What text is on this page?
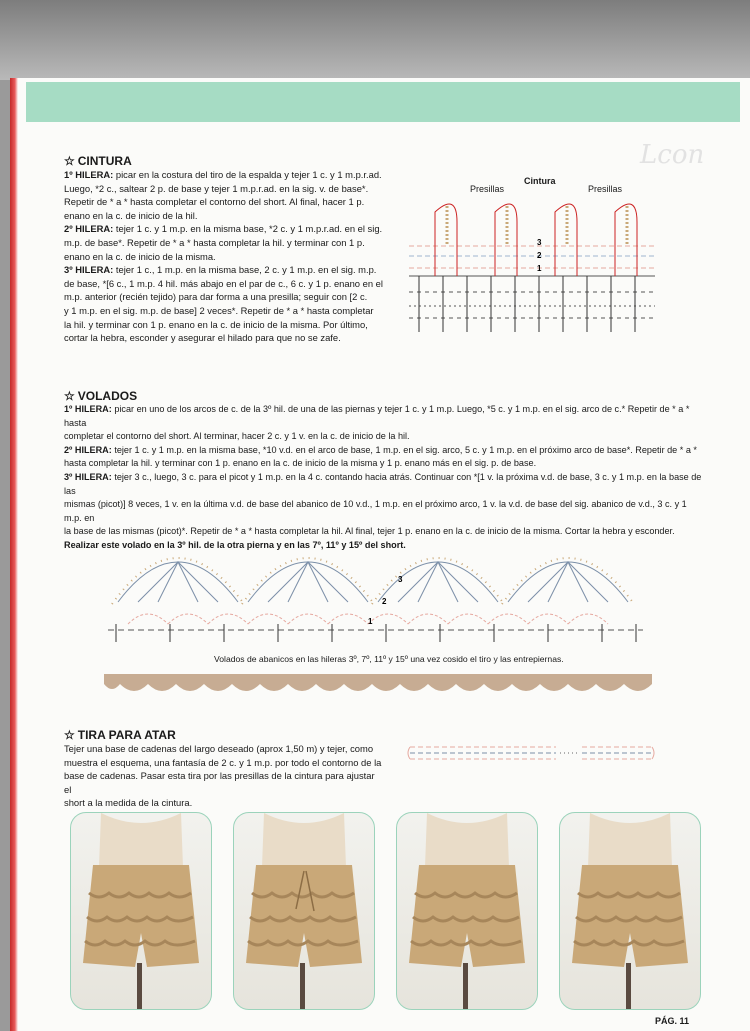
Lcon
☆ CINTURA

1º HILERA: picar en la costura del tiro de la espalda y tejer 1 c. y 1 m.p.r.ad.

Luego, *2 c., saltear 2 p. de base y tejer 1 m.p.r.ad. en la sig. v. de base*.

Repetir de * a * hasta completar el contorno del short. Al final, hacer 1 p.

enano en la c. de inicio de la hil.

2º HILERA: tejer 1 c. y 1 m.p. en la misma base, *2 c. y 1 m.p.r.ad. en el sig.

m.p. de base*. Repetir de * a * hasta completar la hil. y terminar con 1 p.

enano en la c. de inicio de la misma.

3º HILERA: tejer 1 c., 1 m.p. en la misma base, 2 c. y 1 m.p. en el sig. m.p.

de base, *[6 c., 1 m.p. 4 hil. más abajo en el par de c., 6 c. y 1 p. enano en el

m.p. anterior (recién tejido) para dar forma a una presilla; seguir con [2 c.

y 1 m.p. en el sig. m.p. de base] 2 veces*. Repetir de * a * hasta completar

la hil. y terminar con 1 p. enano en la c. de inicio de la misma. Por último,

cortar la hebra, esconder y asegurar el hilado para que no se zafe.

Cintura
Presillas	Presillas
3
2
1
☆ VOLADOS

1º HILERA: picar en uno de los arcos de c. de la 3º hil. de una de las piernas y tejer 1 c. y 1 m.p. Luego, *5 c. y 1 m.p. en el sig. arco de c.* Repetir de * a * hasta

completar el contorno del short. Al terminar, hacer 2 c. y 1 v. en la c. de inicio de la hil.

2º HILERA: tejer 1 c. y 1 m.p. en la misma base, *10 v.d. en el arco de base, 1 m.p. en el sig. arco, 5 c. y 1 m.p. en el próximo arco de base*. Repetir de * a *

hasta completar la hil. y terminar con 1 p. enano en la c. de inicio de la misma y 1 p. enano más en el sig. p. de base.

3º HILERA: tejer 3 c., luego, 3 c. para el picot y 1 m.p. en la 4 c. contando hacia atrás. Continuar con *[1 v. la próxima v.d. de base, 3 c. y 1 m.p. en la base de las

mismas (picot)] 8 veces, 1 v. en la última v.d. de base del abanico de 10 v.d., 1 m.p. en el próximo arco, 1 v. la v.d. de base del sig. abanico de v.d., 3 c. y 1 m.p. en

la base de las mismas (picot)*. Repetir de * a * hasta completar la hil. Al final, tejer 1 p. enano en la c. de inicio de la misma. Cortar la hebra y esconder.

Realizar este volado en la 3º hil. de la otra pierna y en las 7º, 11º y 15º del short.

3
2
1
Volados de abanicos en las hileras 3º, 7º, 11º y 15º una vez cosido el tiro y las entrepiernas.
☆ TIRA PARA ATAR

Tejer una base de cadenas del largo deseado (aprox 1,50 m) y tejer, como

muestra el esquema, una fantasía de 2 c. y 1 m.p. por todo el contorno de la

base de cadenas. Pasar esta tira por las presillas de la cintura para ajustar el

short a la medida de la cintura.

PÁG. 11
